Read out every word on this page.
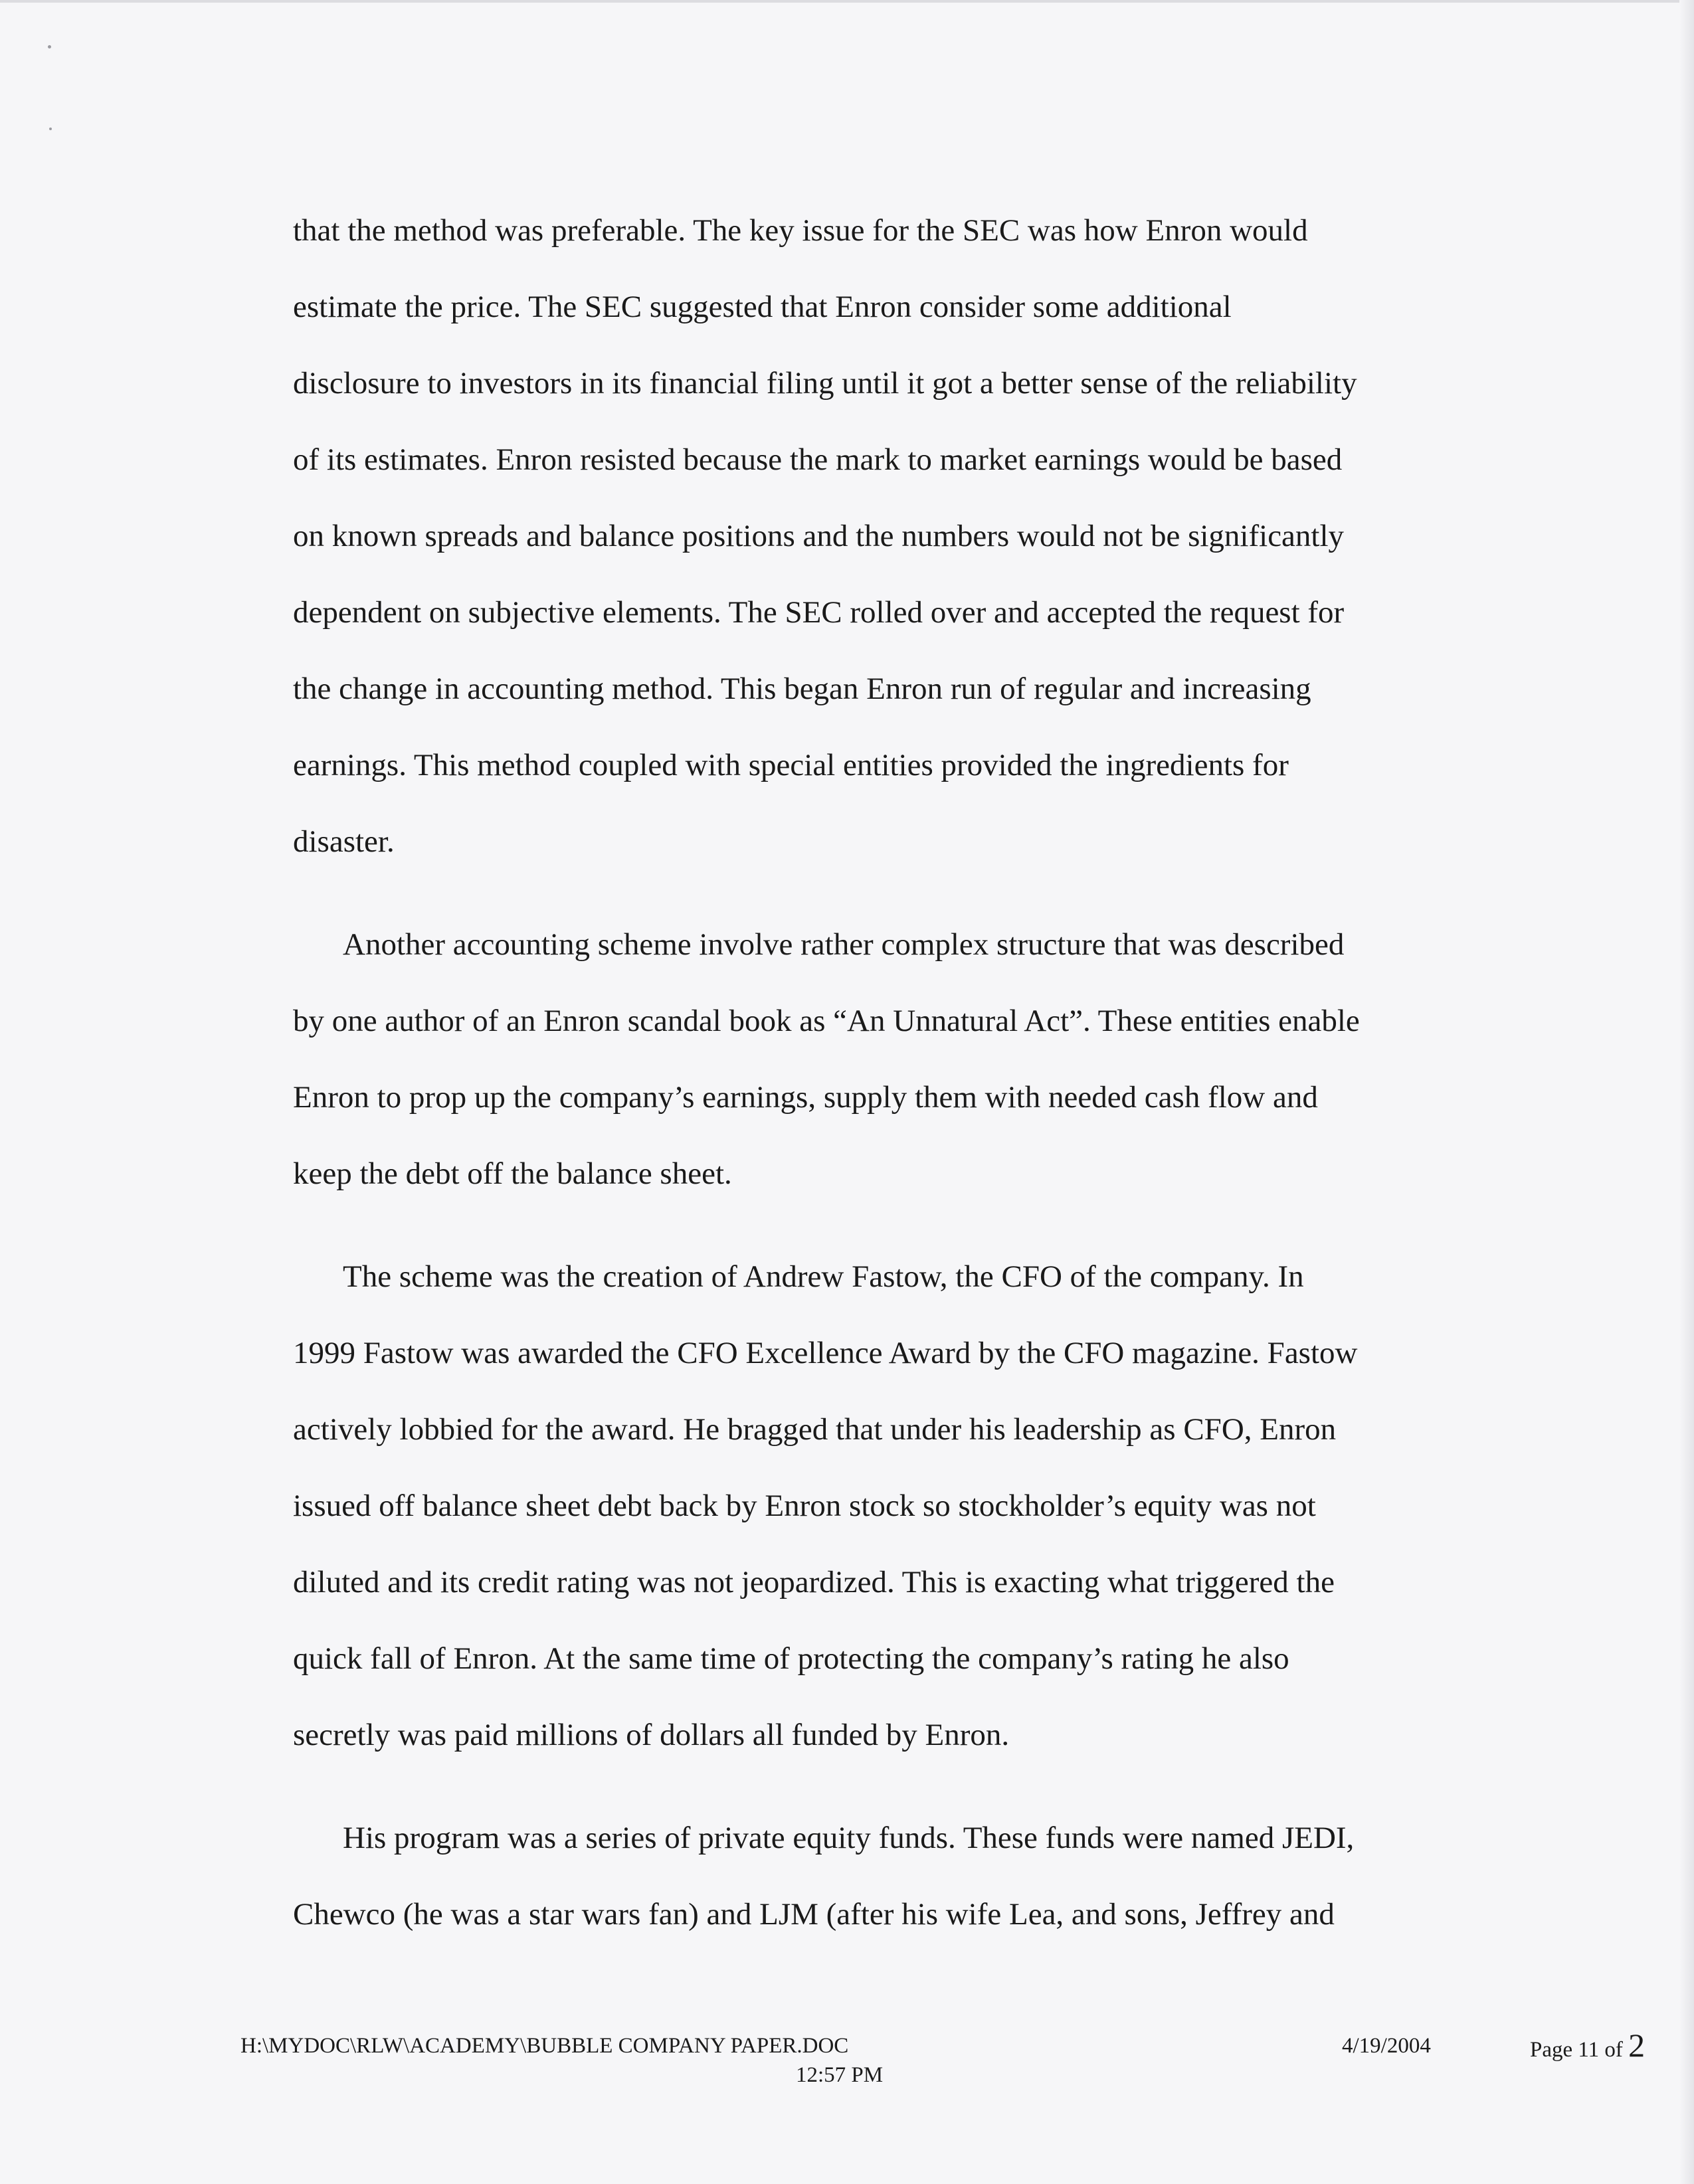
that the method was preferable. The key issue for the SEC was how Enron would
estimate the price. The SEC suggested that Enron consider some additional
disclosure to investors in its financial filing until it got a better sense of the reliability
of its estimates. Enron resisted because the mark to market earnings would be based
on known spreads and balance positions and the numbers would not be significantly
dependent on subjective elements. The SEC rolled over and accepted the request for
the change in accounting method. This began Enron run of regular and increasing
earnings. This method coupled with special entities provided the ingredients for
disaster.
Another accounting scheme involve rather complex structure that was described
by one author of an Enron scandal book as “An Unnatural Act”. These entities enable
Enron to prop up the company’s earnings, supply them with needed cash flow and
keep the debt off the balance sheet.
The scheme was the creation of Andrew Fastow, the CFO of the company. In
1999 Fastow was awarded the CFO Excellence Award by the CFO magazine. Fastow
actively lobbied for the award. He bragged that under his leadership as CFO, Enron
issued off balance sheet debt back by Enron stock so stockholder’s equity was not
diluted and its credit rating was not jeopardized. This is exacting what triggered the
quick fall of Enron. At the same time of protecting the company’s rating he also
secretly was paid millions of dollars all funded by Enron.
His program was a series of private equity funds. These funds were named JEDI,
Chewco (he was a star wars fan) and LJM (after his wife Lea, and sons, Jeffrey and
H:\MYDOC\RLW\ACADEMY\BUBBLE COMPANY PAPER.DOC
12:57 PM
4/19/2004	Page 11 of 2
